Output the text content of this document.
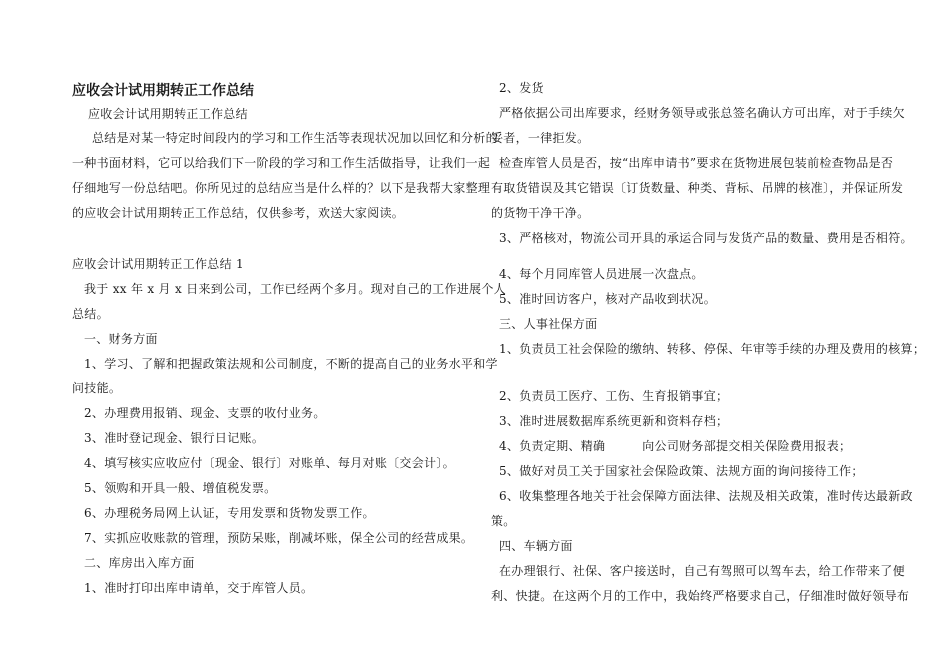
应收会计试用期转正工作总结
应收会计试用期转正工作总结
总结是对某一特定时间段内的学习和工作生活等表现状况加以回忆和分析的
一种书面材料，它可以给我们下一阶段的学习和工作生活做指导，让我们一起
仔细地写一份总结吧。你所见过的总结应当是什么样的？以下是我帮大家整理
的应收会计试用期转正工作总结，仅供参考，欢送大家阅读。
应收会计试用期转正工作总结 1
我于 xx 年 x 月 x 日来到公司，工作已经两个多月。现对自己的工作进展个人
总结。
一、财务方面
1、学习、了解和把握政策法规和公司制度，不断的提高自己的业务水平和学
问技能。
2、办理费用报销、现金、支票的收付业务。
3、准时登记现金、银行日记账。
4、填写核实应收应付〔现金、银行〕对账单、每月对账〔交会计〕。
5、领购和开具一般、增值税发票。
6、办理税务局网上认证，专用发票和货物发票工作。
7、实抓应收账款的管理，预防呆账，削减坏账，保全公司的经营成果。
二、库房出入库方面
1、准时打印出库申请单，交于库管人员。
2、发货
严格依据公司出库要求，经财务领导或张总签名确认方可出库，对于手续欠
妥者，一律拒发。
检查库管人员是否，按“出库申请书”要求在货物进展包装前检查物品是否
有取货错误及其它错误〔订货数量、种类、背标、吊牌的核准〕，并保证所发
的货物干净干净。
3、严格核对，物流公司开具的承运合同与发货产品的数量、费用是否相符。
4、每个月同库管人员进展一次盘点。
5、准时回访客户，核对产品收到状况。
三、人事社保方面
1、负责员工社会保险的缴纳、转移、停保、年审等手续的办理及费用的核算；
2、负责员工医疗、工伤、生育报销事宜；
3、准时进展数据库系统更新和资料存档；
4、负责定期、精确　　　向公司财务部提交相关保险费用报表；
5、做好对员工关于国家社会保险政策、法规方面的询问接待工作；
6、收集整理各地关于社会保障方面法律、法规及相关政策，准时传达最新政
策。
四、车辆方面
在办理银行、社保、客户接送时，自己有驾照可以驾车去，给工作带来了便
利、快捷。在这两个月的工作中，我始终严格要求自己，仔细准时做好领导布
